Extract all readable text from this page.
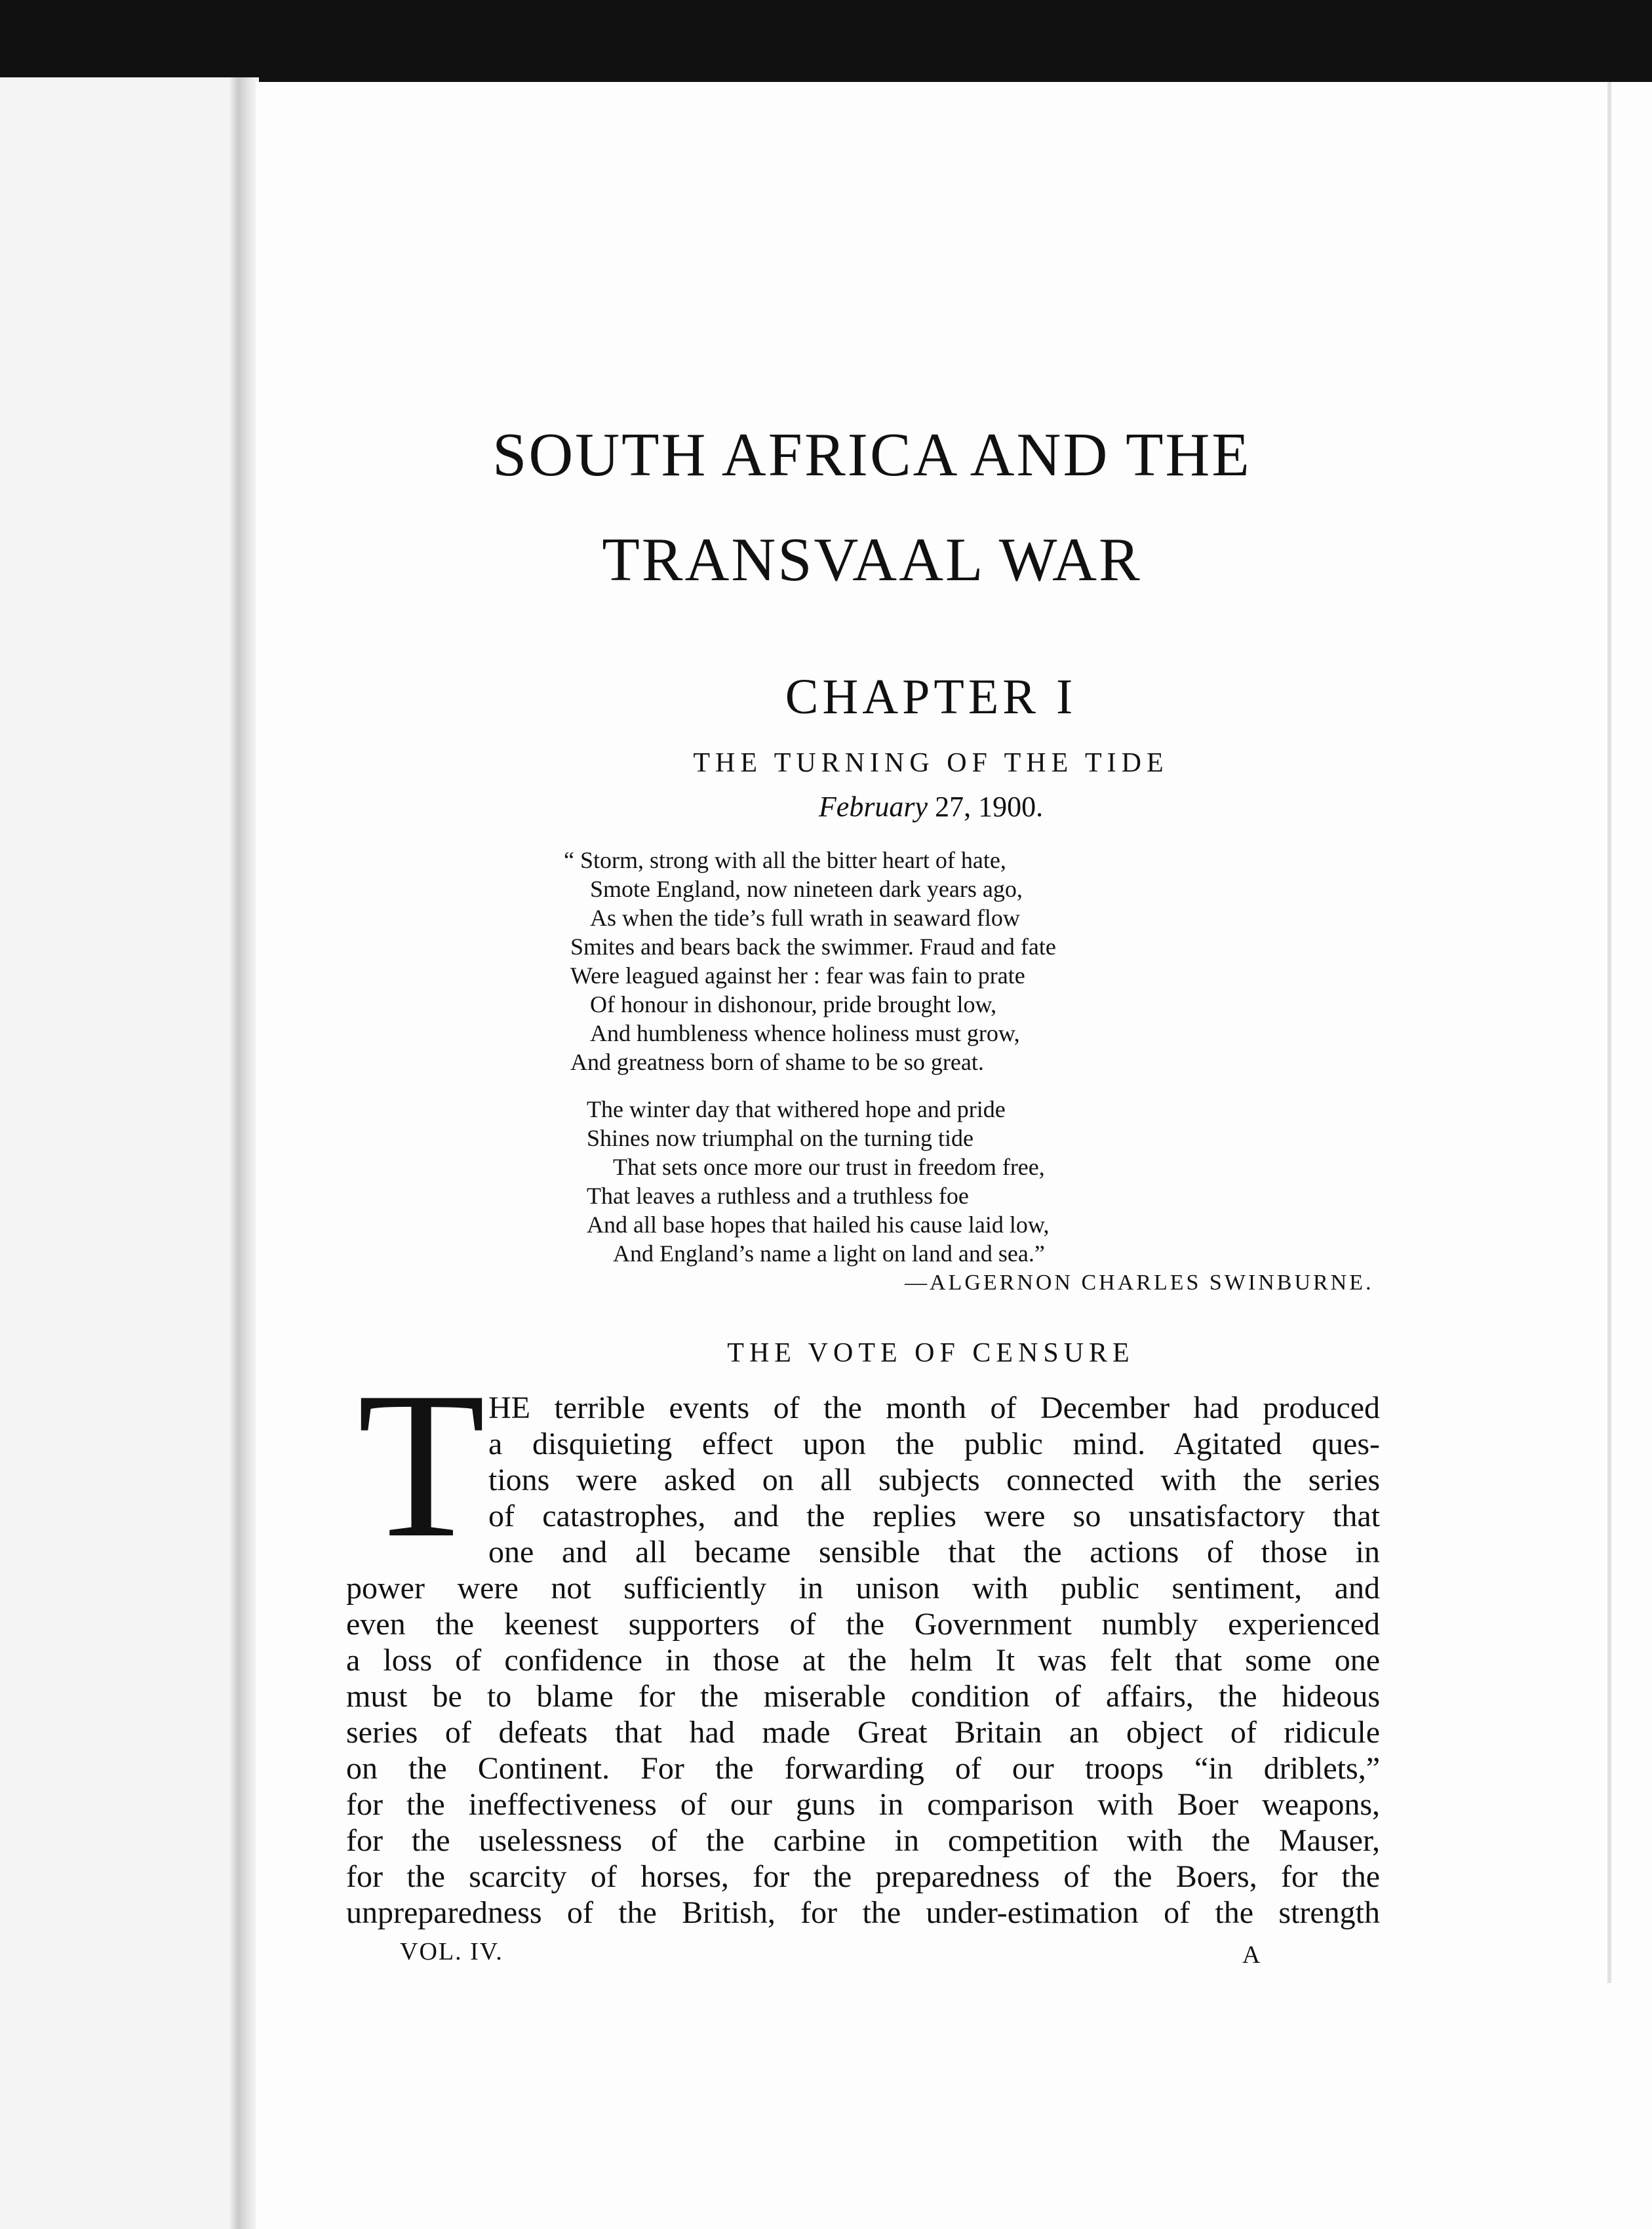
SOUTH AFRICA AND THE
TRANSVAAL WAR
CHAPTER I
THE TURNING OF THE TIDE
February 27, 1900.
“ Storm, strong with all the bitter heart of hate,
Smote England, now nineteen dark years ago,
As when the tide’s full wrath in seaward flow
Smites and bears back the swimmer. Fraud and fate
Were leagued against her : fear was fain to prate
Of honour in dishonour, pride brought low,
And humbleness whence holiness must grow,
And greatness born of shame to be so great.
The winter day that withered hope and pride
Shines now triumphal on the turning tide
That sets once more our trust in freedom free,
That leaves a ruthless and a truthless foe
And all base hopes that hailed his cause laid low,
And England’s name a light on land and sea.”
—ALGERNON CHARLES SWINBURNE.
THE VOTE OF CENSURE
T HE terrible events of the month of December had produced
a disquieting effect upon the public mind. Agitated ques-
tions were asked on all subjects connected with the series
of catastrophes, and the replies were so unsatisfactory that
one and all became sensible that the actions of those in
power were not sufficiently in unison with public sentiment, and
even the keenest supporters of the Government numbly experienced
a loss of confidence in those at the helm It was felt that some one
must be to blame for the miserable condition of affairs, the hideous
series of defeats that had made Great Britain an object of ridicule
on the Continent. For the forwarding of our troops “in driblets,”
for the ineffectiveness of our guns in comparison with Boer weapons,
for the uselessness of the carbine in competition with the Mauser,
for the scarcity of horses, for the preparedness of the Boers, for the
unpreparedness of the British, for the under-estimation of the strength
VOL. IV.	A
